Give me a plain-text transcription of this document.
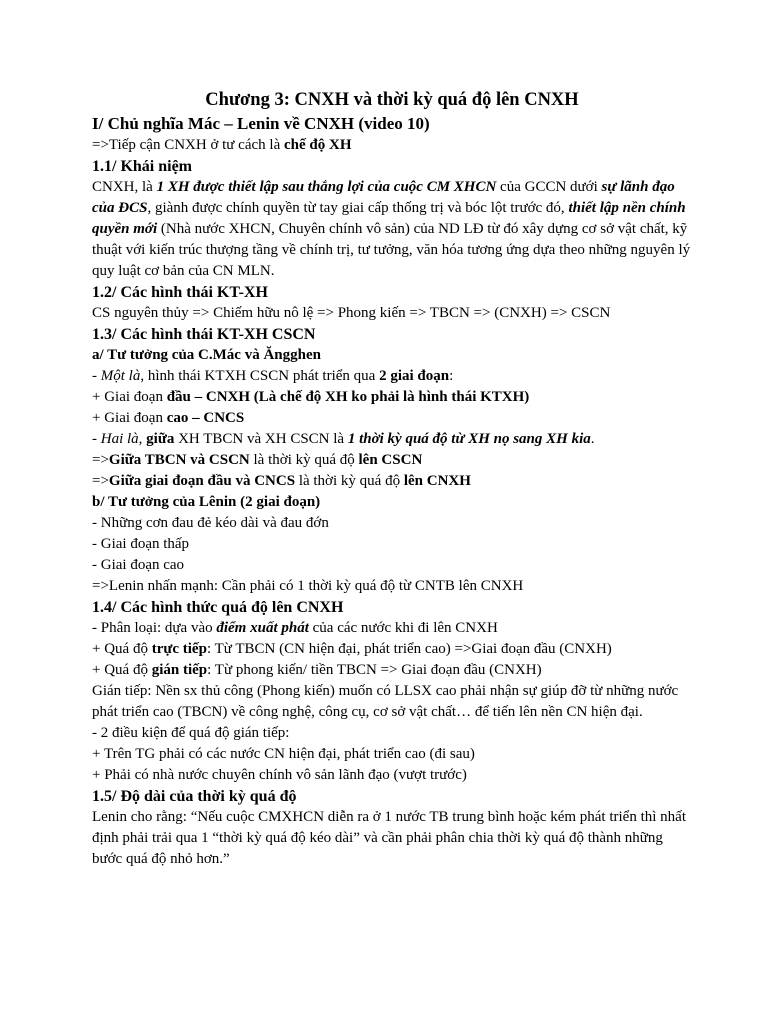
Chương 3: CNXH và thời kỳ quá độ lên CNXH
I/ Chủ nghĩa Mác – Lenin về CNXH (video 10)
=>Tiếp cận CNXH ở tư cách là chế độ XH
1.1/ Khái niệm
CNXH, là 1 XH được thiết lập sau thắng lợi của cuộc CM XHCN của GCCN dưới sự lãnh đạo của ĐCS, giành được chính quyền từ tay giai cấp thống trị và bóc lột trước đó, thiết lập nền chính quyền mới (Nhà nước XHCN, Chuyên chính vô sản) của ND LĐ từ đó xây dựng cơ sở vật chất, kỹ thuật với kiến trúc thượng tầng về chính trị, tư tưởng, văn hóa tương ứng dựa theo những nguyên lý quy luật cơ bản của CN MLN.
1.2/ Các hình thái KT-XH
CS nguyên thủy => Chiếm hữu nô lệ => Phong kiến => TBCN => (CNXH) => CSCN
1.3/ Các hình thái KT-XH CSCN
a/ Tư tưởng của C.Mác và Ăngghen
- Một là, hình thái KTXH CSCN phát triển qua 2 giai đoạn:
+ Giai đoạn đầu – CNXH (Là chế độ XH ko phải là hình thái KTXH)
+ Giai đoạn cao – CNCS
- Hai là, giữa XH TBCN và XH CSCN là 1 thời kỳ quá độ từ XH nọ sang XH kia.
=>Giữa TBCN và CSCN là thời kỳ quá độ lên CSCN
=>Giữa giai đoạn đầu và CNCS là thời kỳ quá độ lên CNXH
b/ Tư tưởng của Lênin (2 giai đoạn)
- Những cơn đau đẻ kéo dài và đau đớn
- Giai đoạn thấp
- Giai đoạn cao
=>Lenin nhấn mạnh: Cần phải có 1 thời kỳ quá độ từ CNTB lên CNXH
1.4/ Các hình thức quá độ lên CNXH
- Phân loại: dựa vào điểm xuất phát của các nước khi đi lên CNXH
+ Quá độ trực tiếp: Từ TBCN (CN hiện đại, phát triển cao) =>Giai đoạn đầu (CNXH)
+ Quá độ gián tiếp: Từ phong kiến/ tiền TBCN => Giai đoạn đầu (CNXH)
Gián tiếp: Nền sx thủ công (Phong kiến) muốn có LLSX cao phải nhận sự giúp đỡ từ những nước phát triển cao (TBCN) về công nghệ, công cụ, cơ sở vật chất… để tiến lên nền CN hiện đại.
- 2 điều kiện để quá độ gián tiếp:
+ Trên TG phải có các nước CN hiện đại, phát triển cao (đi sau)
+ Phải có nhà nước chuyên chính vô sản lãnh đạo (vượt trước)
1.5/ Độ dài của thời kỳ quá độ
Lenin cho rằng: “Nếu cuộc CMXHCN diễn ra ở 1 nước TB trung bình hoặc kém phát triển thì nhất định phải trải qua 1 “thời kỳ quá độ kéo dài” và cần phải phân chia thời kỳ quá độ thành những bước quá độ nhỏ hơn.”
